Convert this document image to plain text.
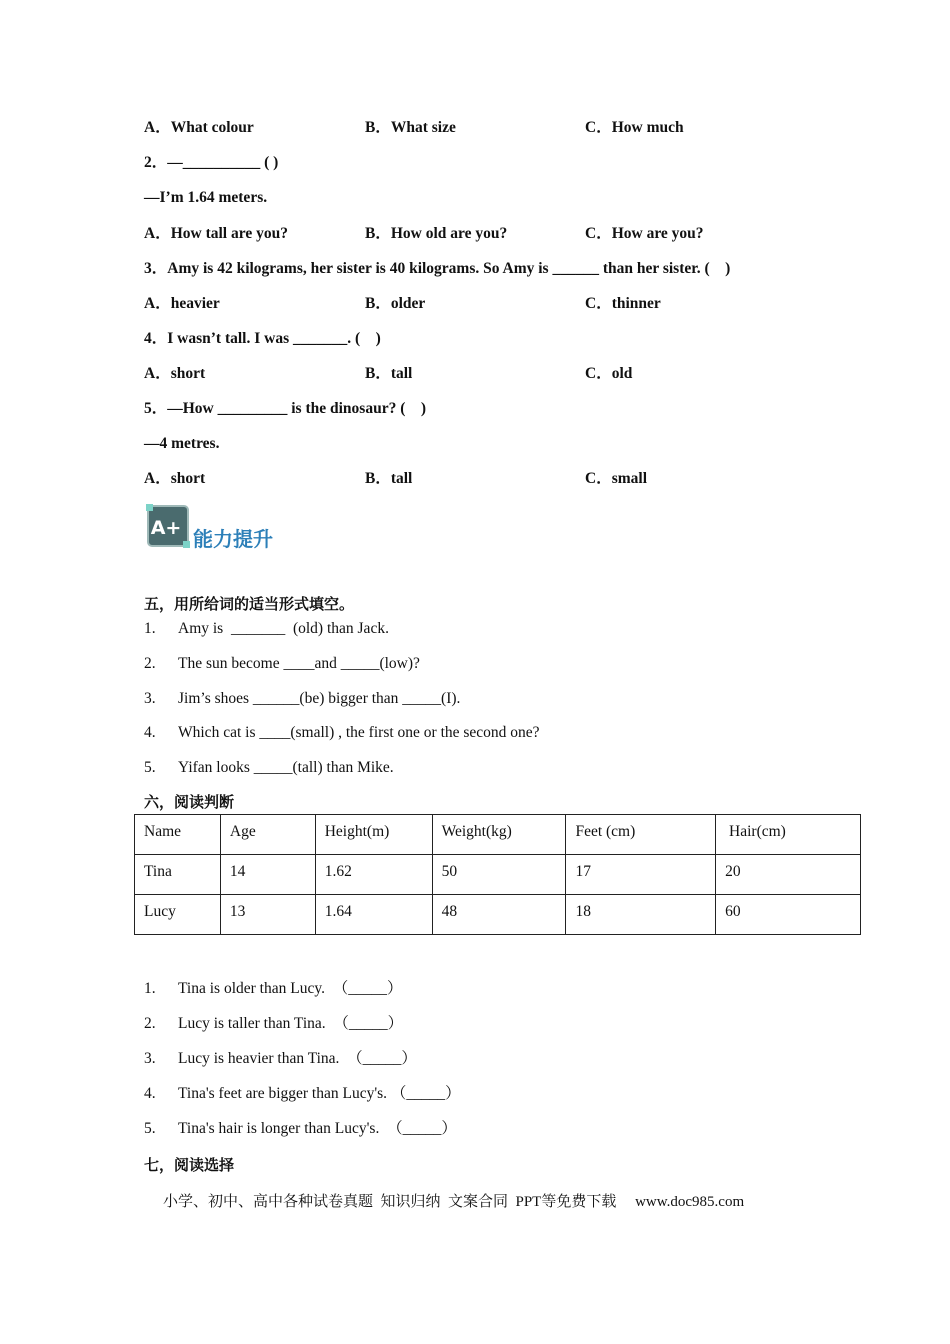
A．What colour	B．What size	C．How much
2．—__________ ( )
—I’m 1.64 meters.
A．How tall are you?	B．How old are you?	C．How are you?
3．Amy is 42 kilograms, her sister is 40 kilograms. So Amy is ______ than her sister. (    )
A．heavier	B．older	C．thinner
4．I wasn’t tall. I was _______. (    )
A．short	B．tall	C．old
5．—How _________ is the dinosaur? (    )
—4 metres.
A．short	B．tall	C．small
A+ 能力提升
五，用所给词的适当形式填空。
1. Amy is  _______  (old) than Jack.
2. The sun become ____and _____(low)?
3. Jim’s shoes ______(be) bigger than _____(I).
4. Which cat is ____(small) , the first one or the second one?
5. Yifan looks _____(tall) than Mike.
六，阅读判断
Name	Age	Height(m)	Weight(kg)	Feet (cm)	Hair(cm)
Tina	14	1.62	50	17	20
Lucy	13	1.64	48	18	60
1. Tina is older than Lucy.  （_____）
2. Lucy is taller than Tina.  （_____）
3. Lucy is heavier than Tina.  （_____）
4. Tina's feet are bigger than Lucy's. （_____）
5. Tina's hair is longer than Lucy's.  （_____）
七，阅读选择
小学、初中、高中各种试卷真题  知识归纳  文案合同  PPT等免费下载     www.doc985.com
